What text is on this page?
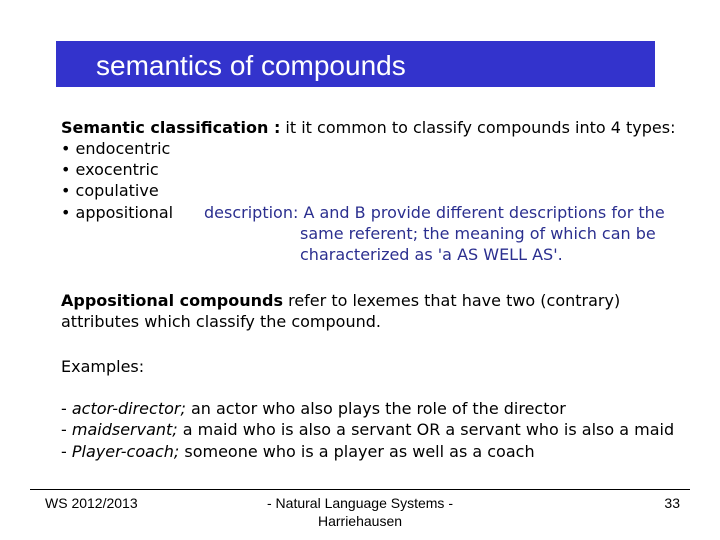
semantics of compounds
Semantic classification : it it common to classify compounds into 4 types:
• endocentric
• exocentric
• copulative
• appositional description: A and B provide different descriptions for the
same referent; the meaning of which can be
characterized as 'a AS WELL AS'.
Appositional compounds refer to lexemes that have two (contrary)
attributes which classify the compound.
Examples:
- actor-director; an actor who also plays the role of the director
- maidservant; a maid who is also a servant OR a servant who is also a maid
- Player-coach; someone who is a player as well as a coach
WS 2012/2013	- Natural Language Systems -
Harriehausen
33
